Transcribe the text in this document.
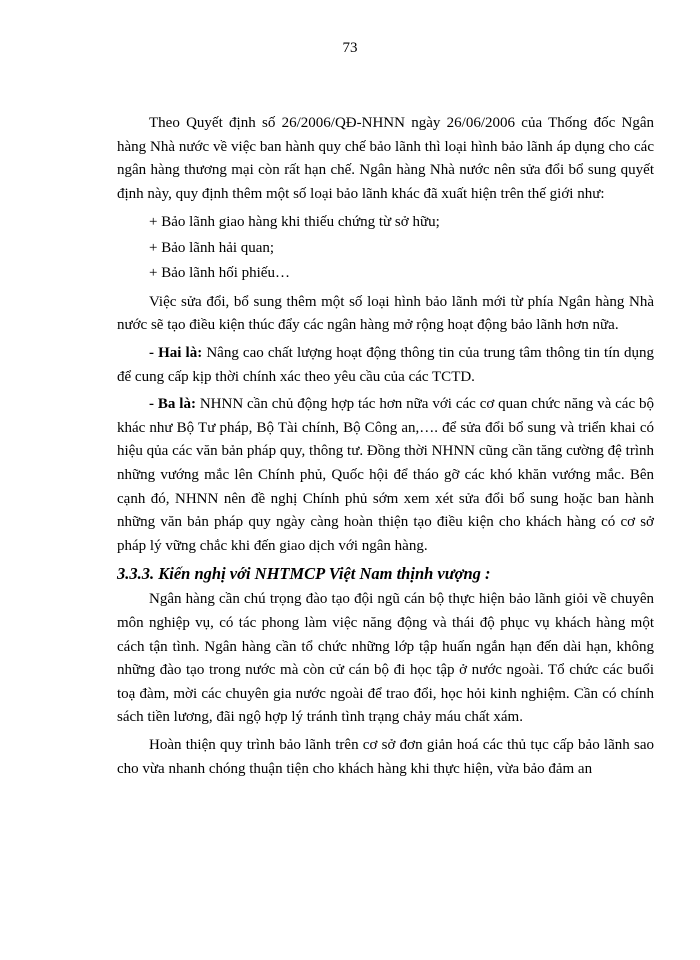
73

Theo Quyết định số 26/2006/QĐ-NHNN ngày 26/06/2006 của Thống đốc Ngân hàng Nhà nước về việc ban hành quy chế bảo lãnh thì loại hình bảo lãnh áp dụng cho các ngân hàng thương mại còn rất hạn chế. Ngân hàng Nhà nước nên sửa đổi bổ sung quyết định này, quy định thêm một số loại bảo lãnh khác đã xuất hiện trên thế giới như:

+ Bảo lãnh giao hàng khi thiếu chứng từ sở hữu;

+ Bảo lãnh hải quan;

+ Bảo lãnh hối phiếu…

Việc sửa đổi, bổ sung thêm một số loại hình bảo lãnh mới từ phía Ngân hàng Nhà nước sẽ tạo điều kiện thúc đẩy các ngân hàng mở rộng hoạt động bảo lãnh hơn nữa.

- Hai là: Nâng cao chất lượng hoạt động thông tin của trung tâm thông tin tín dụng để cung cấp kịp thời chính xác theo yêu cầu của các TCTD.

- Ba là: NHNN cần chủ động hợp tác hơn nữa với các cơ quan chức năng và các bộ khác như Bộ Tư pháp, Bộ Tài chính, Bộ Công an,…. để sửa đổi bổ sung và triển khai có hiệu qủa các văn bản pháp quy, thông tư. Đồng thời NHNN cũng cần tăng cường đệ trình những vướng mắc lên Chính phủ, Quốc hội để tháo gỡ các khó khăn vướng mắc. Bên cạnh đó, NHNN nên đề nghị Chính phủ sớm xem xét sửa đổi bổ sung hoặc ban hành những văn bản pháp quy ngày càng hoàn thiện tạo điều kiện cho khách hàng có cơ sở pháp lý vững chắc khi đến giao dịch với ngân hàng.

3.3.3. Kiến nghị với NHTMCP Việt Nam thịnh vượng :

Ngân hàng cần chú trọng đào tạo đội ngũ cán bộ thực hiện bảo lãnh giỏi về chuyên môn nghiệp vụ, có tác phong làm việc năng động và thái độ phục vụ khách hàng một cách tận tình. Ngân hàng cần tổ chức những lớp tập huấn ngắn hạn đến dài hạn, không những đào tạo trong nước mà còn cử cán bộ đi học tập ở nước ngoài. Tổ chức các buổi toạ đàm, mời các chuyên gia nước ngoài để trao đổi, học hỏi kinh nghiệm. Cần có chính sách tiền lương, đãi ngộ hợp lý tránh tình trạng chảy máu chất xám.

Hoàn thiện quy trình bảo lãnh trên cơ sở đơn giản hoá các thủ tục cấp bảo lãnh sao cho vừa nhanh chóng thuận tiện cho khách hàng khi thực hiện, vừa bảo đảm an
